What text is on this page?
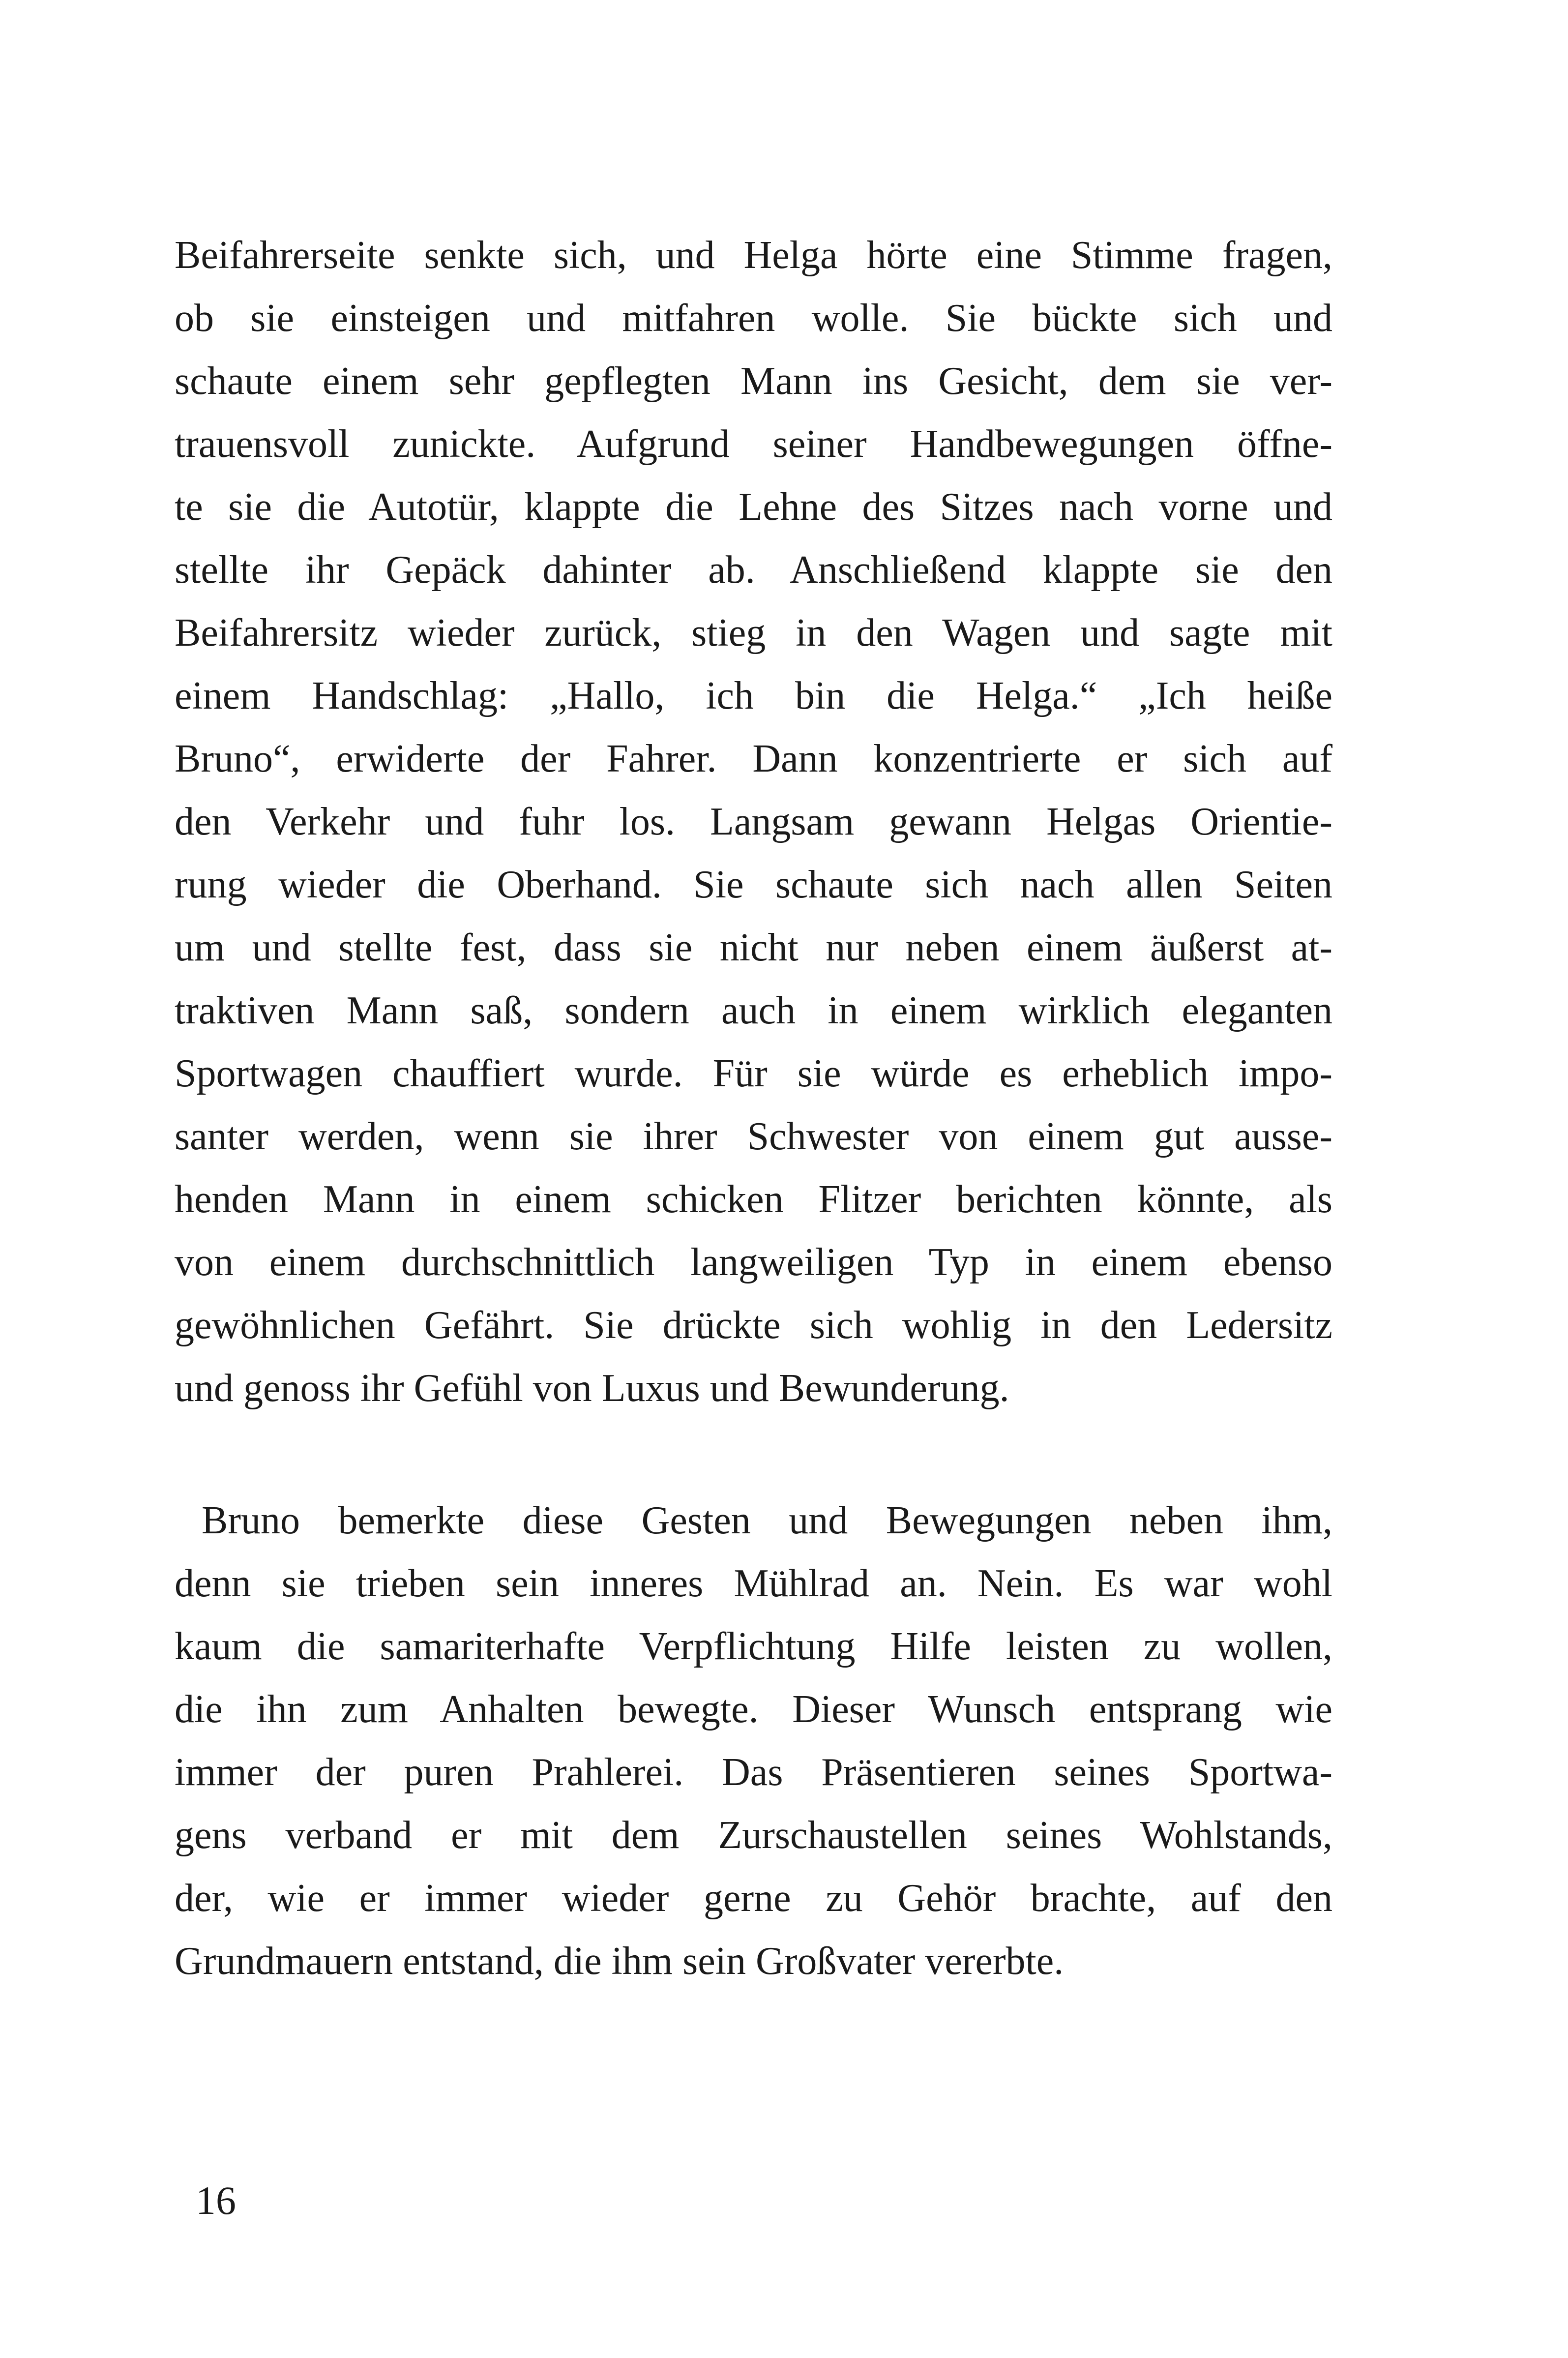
Beifahrerseite senkte sich, und Helga hörte eine Stimme fragen,
ob sie einsteigen und mitfahren wolle. Sie bückte sich und
schaute einem sehr gepflegten Mann ins Gesicht, dem sie ver-
trauensvoll zunickte. Aufgrund seiner Handbewegungen öffne-
te sie die Autotür, klappte die Lehne des Sitzes nach vorne und
stellte ihr Gepäck dahinter ab. Anschließend klappte sie den
Beifahrersitz wieder zurück, stieg in den Wagen und sagte mit
einem Handschlag: „Hallo, ich bin die Helga.“ „Ich heiße
Bruno“, erwiderte der Fahrer. Dann konzentrierte er sich auf
den Verkehr und fuhr los. Langsam gewann Helgas Orientie-
rung wieder die Oberhand. Sie schaute sich nach allen Seiten
um und stellte fest, dass sie nicht nur neben einem äußerst at-
traktiven Mann saß, sondern auch in einem wirklich eleganten
Sportwagen chauffiert wurde. Für sie würde es erheblich impo-
santer werden, wenn sie ihrer Schwester von einem gut ausse-
henden Mann in einem schicken Flitzer berichten könnte, als
von einem durchschnittlich langweiligen Typ in einem ebenso
gewöhnlichen Gefährt. Sie drückte sich wohlig in den Ledersitz
und genoss ihr Gefühl von Luxus und Bewunderung.
Bruno bemerkte diese Gesten und Bewegungen neben ihm,
denn sie trieben sein inneres Mühlrad an. Nein. Es war wohl
kaum die samariterhafte Verpflichtung Hilfe leisten zu wollen,
die ihn zum Anhalten bewegte. Dieser Wunsch entsprang wie
immer der puren Prahlerei. Das Präsentieren seines Sportwa-
gens verband er mit dem Zurschaustellen seines Wohlstands,
der, wie er immer wieder gerne zu Gehör brachte, auf den
Grundmauern entstand, die ihm sein Großvater vererbte.
16
